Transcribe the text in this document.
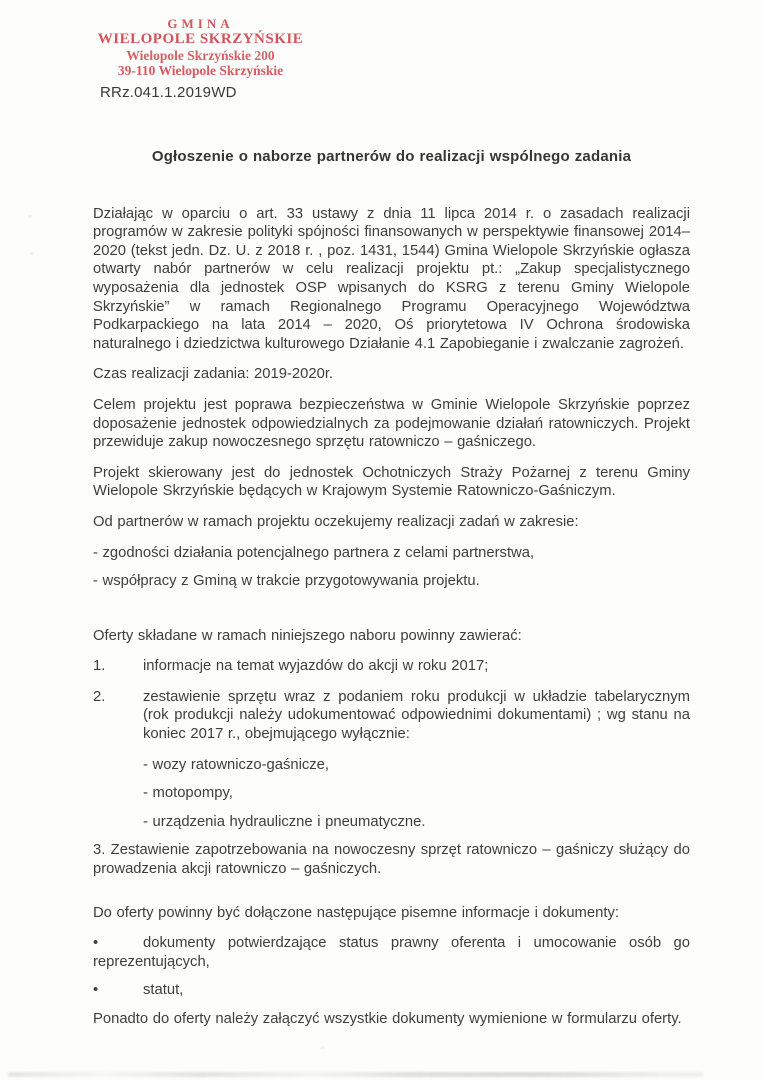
GMINA
WIELOPOLE SKRZYŃSKIE
Wielopole Skrzyńskie 200
39-110 Wielopole Skrzyńskie
RRz.041.1.2019WD
Ogłoszenie o naborze partnerów do realizacji wspólnego zadania

Działając w oparciu o art. 33 ustawy z dnia 11 lipca 2014 r. o zasadach realizacji programów w zakresie polityki spójności finansowanych w perspektywie finansowej 2014–2020 (tekst jedn. Dz. U. z 2018 r. , poz. 1431, 1544) Gmina Wielopole Skrzyńskie ogłasza otwarty nabór partnerów w celu realizacji projektu pt.: „Zakup specjalistycznego wyposażenia dla jednostek OSP wpisanych do KSRG z terenu Gminy Wielopole Skrzyńskie” w ramach Regionalnego Programu Operacyjnego Województwa Podkarpackiego na lata 2014 – 2020, Oś priorytetowa IV Ochrona środowiska naturalnego i dziedzictwa kulturowego Działanie 4.1 Zapobieganie i zwalczanie zagrożeń.

Czas realizacji zadania: 2019-2020r.

Celem projektu jest poprawa bezpieczeństwa w Gminie Wielopole Skrzyńskie poprzez doposażenie jednostek odpowiedzialnych za podejmowanie działań ratowniczych. Projekt przewiduje zakup nowoczesnego sprzętu ratowniczo – gaśniczego.

Projekt skierowany jest do jednostek Ochotniczych Straży Pożarnej z terenu Gminy Wielopole Skrzyńskie będących w Krajowym Systemie Ratowniczo-Gaśniczym.

Od partnerów w ramach projektu oczekujemy realizacji zadań w zakresie:

- zgodności działania potencjalnego partnera z celami partnerstwa,

- współpracy z Gminą w trakcie przygotowywania projektu.

Oferty składane w ramach niniejszego naboru powinny zawierać:

1.	informacje na temat wyjazdów do akcji w roku 2017;
2.	zestawienie sprzętu wraz z podaniem roku produkcji w układzie tabelarycznym (rok produkcji należy udokumentować odpowiednimi dokumentami) ; wg stanu na koniec 2017 r., obejmującego wyłącznie:

- wozy ratowniczo-gaśnicze,

- motopompy,

- urządzenia hydrauliczne i pneumatyczne.

3. Zestawienie zapotrzebowania na nowoczesny sprzęt ratowniczo – gaśniczy służący do prowadzenia akcji ratowniczo – gaśniczych.

Do oferty powinny być dołączone następujące pisemne informacje i dokumenty:

•	dokumenty potwierdzające status prawny oferenta i umocowanie osób go reprezentujących,

•	statut,

Ponadto do oferty należy załączyć wszystkie dokumenty wymienione w formularzu oferty.
